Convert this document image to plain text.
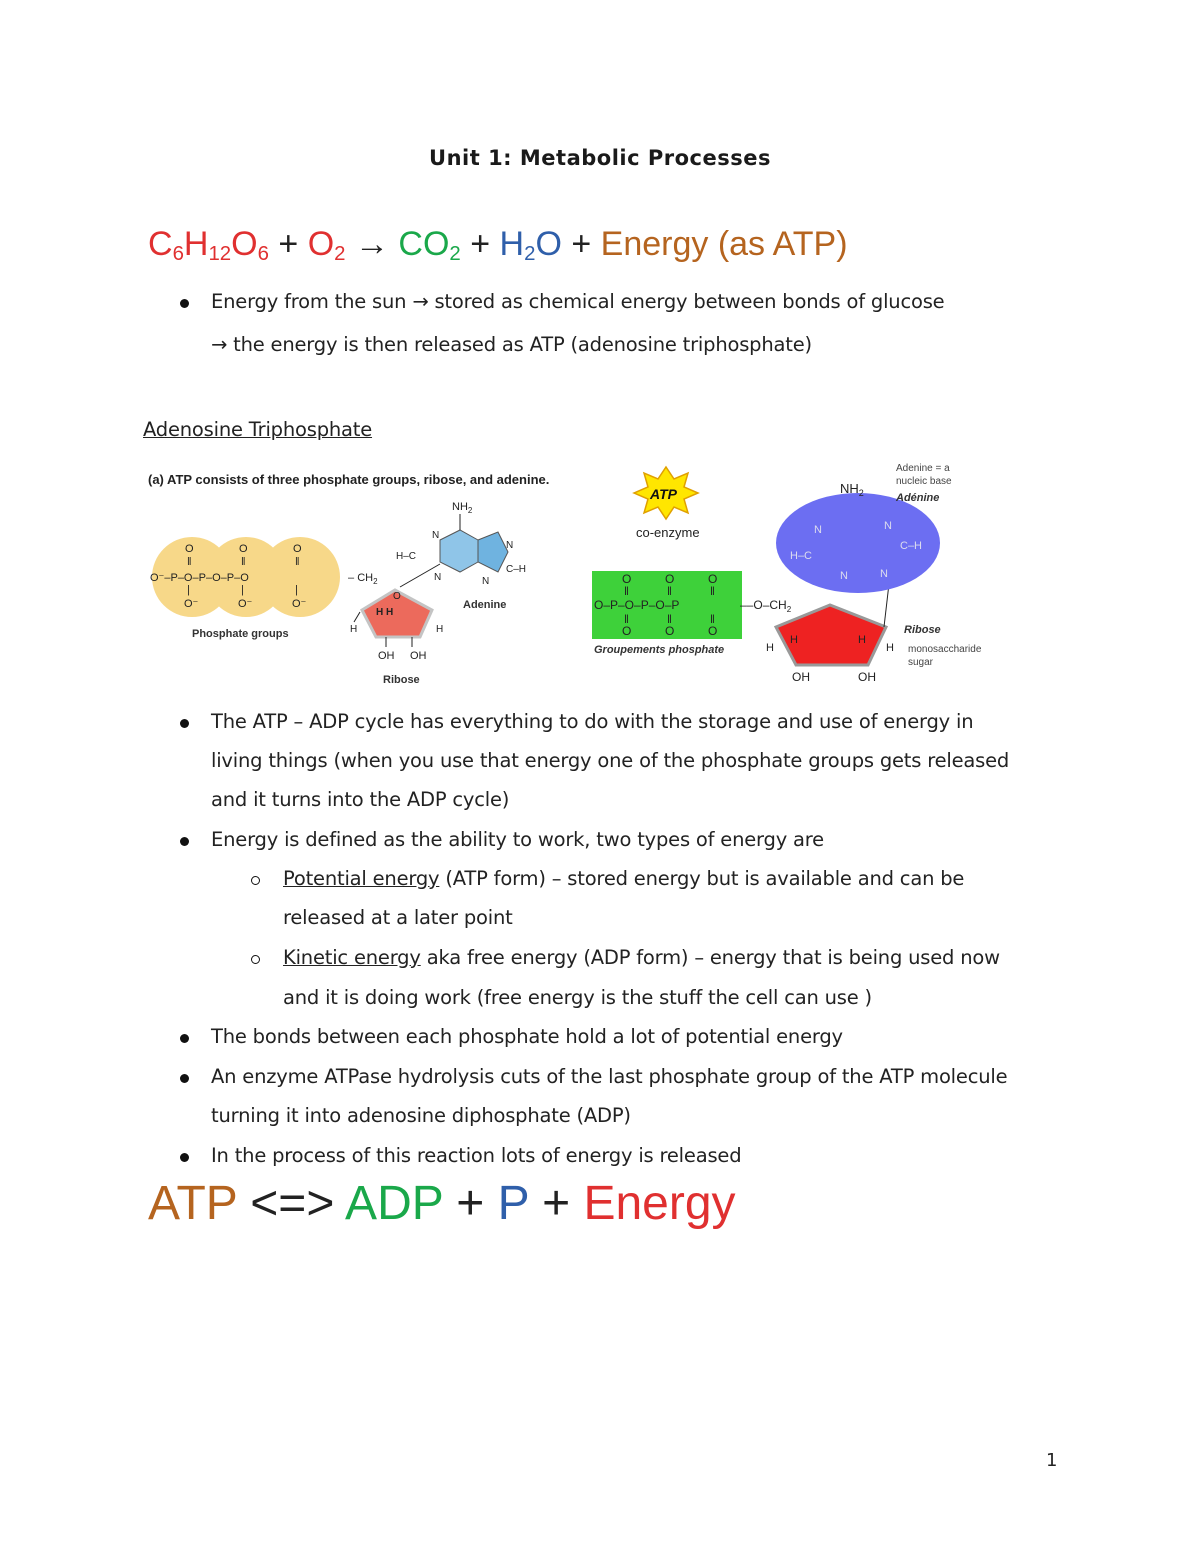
Unit 1: Metabolic Processes
$C_6H_{12}O_6 + O_2 \to CO_2 + H_2O$ + Energy (as ATP)
Energy from the sun → stored as chemical energy between bonds of glucose
→ the energy is then released as ATP (adenosine triphosphate)
Adenosine Triphosphate
(a) ATP consists of three phosphate groups, ribose, and adenine.
O	O	O
‖	‖	‖
O⁻–P–O–P–O–P–O
|	|	|
O⁻	O⁻	O⁻
– $CH_2$
Phosphate groups
O
H H
H	H
OH OH
Ribose
$NH_2$
H–C
N
N
C–H
N	N
Adenine
ATP
co-enzyme
O	O	O
‖	‖	‖
O–P–O–P–O–P
‖	‖	‖
O	O	O
$--O-CH_2$
Groupements phosphate
H	H
H	H
OH	OH
N	N
H–C
N	N
C–H
$NH_2$
Adenine = a
nucleic base
Adénine
Ribose
monosaccharide
sugar
The ATP – ADP cycle has everything to do with the storage and use of energy in
living things (when you use that energy one of the phosphate groups gets released
and it turns into the ADP cycle)
Energy is defined as the ability to work, two types of energy are
Potential energy (ATP form) – stored energy but is available and can be
released at a later point
Kinetic energy aka free energy (ADP form) – energy that is being used now
and it is doing work (free energy is the stuff the cell can use )
The bonds between each phosphate hold a lot of potential energy
An enzyme ATPase hydrolysis cuts of the last phosphate group of the ATP molecule
turning it into adenosine diphosphate (ADP)
In the process of this reaction lots of energy is released
ATP <=> ADP + P + Energy
1
